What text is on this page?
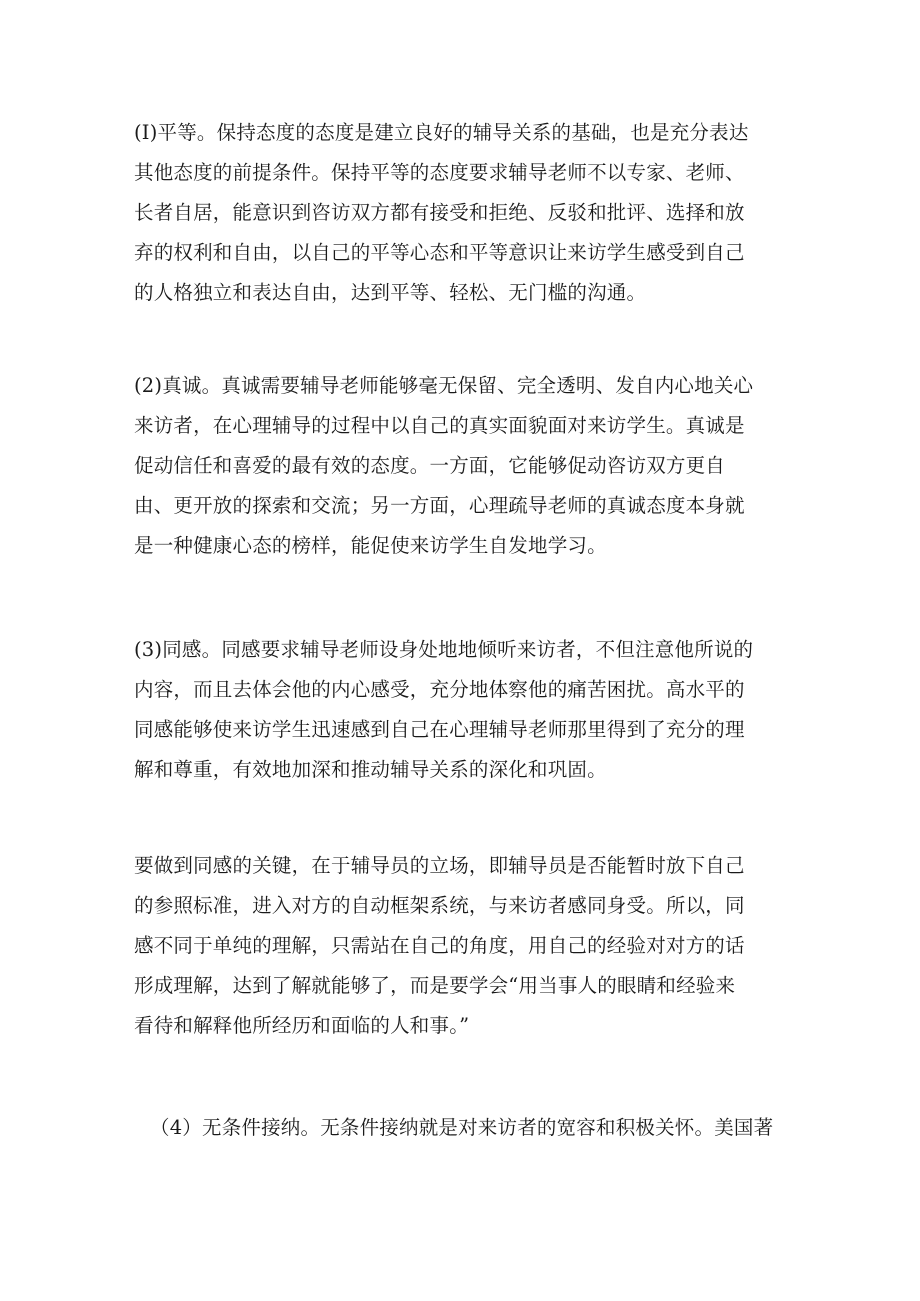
(I)平等。保持态度的态度是建立良好的辅导关系的基础，也是充分表达
其他态度的前提条件。保持平等的态度要求辅导老师不以专家、老师、
长者自居，能意识到咨访双方都有接受和拒绝、反驳和批评、选择和放
弃的权利和自由，以自己的平等心态和平等意识让来访学生感受到自己
的人格独立和表达自由，达到平等、轻松、无门槛的沟通。

(2)真诚。真诚需要辅导老师能够毫无保留、完全透明、发自内心地关心
来访者，在心理辅导的过程中以自己的真实面貌面对来访学生。真诚是
促动信任和喜爱的最有效的态度。一方面，它能够促动咨访双方更自
由、更开放的探索和交流；另一方面，心理疏导老师的真诚态度本身就
是一种健康心态的榜样，能促使来访学生自发地学习。

(3)同感。同感要求辅导老师设身处地地倾听来访者，不但注意他所说的
内容，而且去体会他的内心感受，充分地体察他的痛苦困扰。高水平的
同感能够使来访学生迅速感到自己在心理辅导老师那里得到了充分的理
解和尊重，有效地加深和推动辅导关系的深化和巩固。

要做到同感的关键，在于辅导员的立场，即辅导员是否能暂时放下自己
的参照标准，进入对方的自动框架系统，与来访者感同身受。所以，同
感不同于单纯的理解，只需站在自己的角度，用自己的经验对对方的话
形成理解，达到了解就能够了，而是要学会“用当事人的眼睛和经验来
看待和解释他所经历和面临的人和事。”

（4）无条件接纳。无条件接纳就是对来访者的宽容和积极关怀。美国著
